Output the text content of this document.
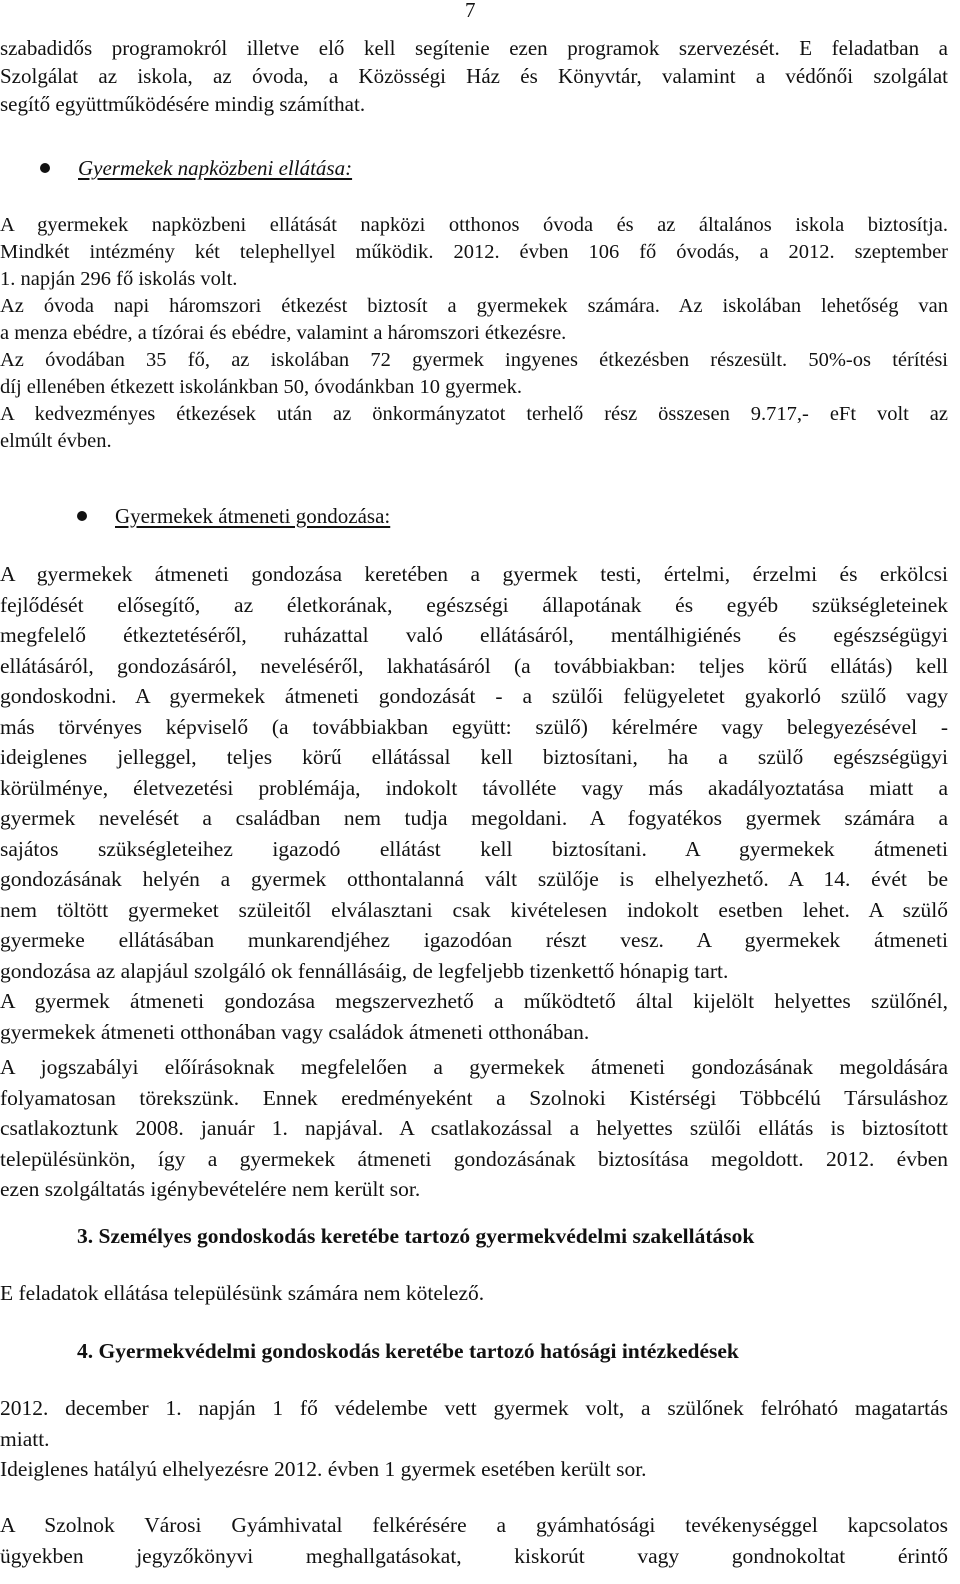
7
szabadidős programokról illetve elő kell segítenie ezen programok szervezését. E feladatban a
Szolgálat az iskola, az óvoda, a Közösségi Ház és Könyvtár, valamint a védőnői szolgálat
segítő együttműködésére mindig számíthat.
Gyermekek napközbeni ellátása:
A gyermekek napközbeni ellátását napközi otthonos óvoda és az általános iskola biztosítja.
Mindkét intézmény két telephellyel működik. 2012. évben 106 fő óvodás, a 2012. szeptember
1. napján 296 fő iskolás volt.
Az óvoda napi háromszori étkezést biztosít a gyermekek számára. Az iskolában lehetőség van
a menza ebédre, a tízórai és ebédre, valamint a háromszori étkezésre.
Az óvodában 35 fő, az iskolában 72 gyermek ingyenes étkezésben részesült. 50%-os térítési
díj ellenében étkezett iskolánkban 50, óvodánkban 10 gyermek.
A kedvezményes étkezések után az önkormányzatot terhelő rész összesen 9.717,- eFt volt az
elmúlt évben.
Gyermekek átmeneti gondozása:
A gyermekek átmeneti gondozása keretében a gyermek testi, értelmi, érzelmi és erkölcsi
fejlődését elősegítő, az életkorának, egészségi állapotának és egyéb szükségleteinek
megfelelő étkeztetéséről, ruházattal való ellátásáról, mentálhigiénés és egészségügyi
ellátásáról, gondozásáról, neveléséről, lakhatásáról (a továbbiakban: teljes körű ellátás) kell
gondoskodni. A gyermekek átmeneti gondozását - a szülői felügyeletet gyakorló szülő vagy
más törvényes képviselő (a továbbiakban együtt: szülő) kérelmére vagy belegyezésével -
ideiglenes jelleggel, teljes körű ellátással kell biztosítani, ha a szülő egészségügyi
körülménye, életvezetési problémája, indokolt távolléte vagy más akadályoztatása miatt a
gyermek nevelését a családban nem tudja megoldani. A fogyatékos gyermek számára a
sajátos szükségleteihez igazodó ellátást kell biztosítani. A gyermekek átmeneti
gondozásának helyén a gyermek otthontalanná vált szülője is elhelyezhető. A 14. évét be
nem töltött gyermeket szüleitől elválasztani csak kivételesen indokolt esetben lehet. A szülő
gyermeke ellátásában munkarendjéhez igazodóan részt vesz. A gyermekek átmeneti
gondozása az alapjául szolgáló ok fennállásáig, de legfeljebb tizenkettő hónapig tart.
A gyermek átmeneti gondozása megszervezhető a működtető által kijelölt helyettes szülőnél,
gyermekek átmeneti otthonában vagy családok átmeneti otthonában.
A jogszabályi előírásoknak megfelelően a gyermekek átmeneti gondozásának megoldására
folyamatosan törekszünk. Ennek eredményeként a Szolnoki Kistérségi Többcélú Társuláshoz
csatlakoztunk 2008. január 1. napjával. A csatlakozással a helyettes szülői ellátás is biztosított
településünkön, így a gyermekek átmeneti gondozásának biztosítása megoldott. 2012. évben
ezen szolgáltatás igénybevételére nem került sor.
3. Személyes gondoskodás keretébe tartozó gyermekvédelmi szakellátások
E feladatok ellátása településünk számára nem kötelező.
4. Gyermekvédelmi gondoskodás keretébe tartozó hatósági intézkedések
2012. december 1. napján 1 fő védelembe vett gyermek volt, a szülőnek felróható magatartás
miatt.
Ideiglenes hatályú elhelyezésre 2012. évben 1 gyermek esetében került sor.
A Szolnok Városi Gyámhivatal felkérésére a gyámhatósági tevékenységgel kapcsolatos
ügyekben jegyzőkönyvi meghallgatásokat, kiskorút vagy gondnokoltat érintő
